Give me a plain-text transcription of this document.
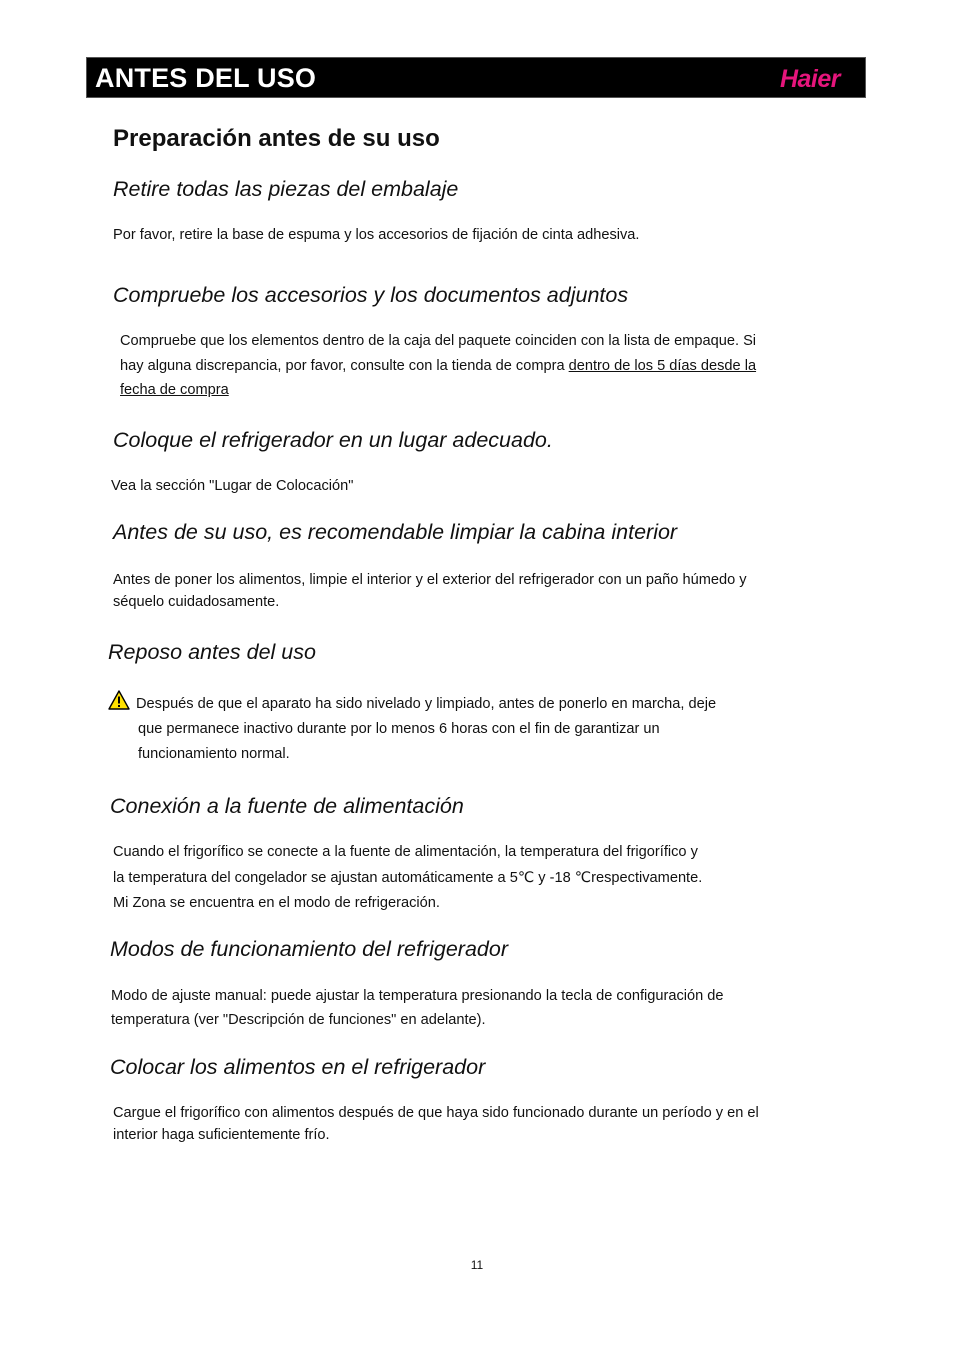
ANTES DEL USO	Haier
Preparación antes de su uso
Retire todas las piezas del embalaje
Por favor, retire la base de espuma y los accesorios de fijación de cinta adhesiva.
Compruebe los accesorios y los documentos adjuntos
Compruebe que los elementos dentro de la caja del paquete coinciden con la lista de empaque. Si
hay alguna discrepancia, por favor, consulte con la tienda de compra dentro de los 5 días desde la
fecha de compra
Coloque el refrigerador en un lugar adecuado.
Vea la sección "Lugar de Colocación"
Antes de su uso, es recomendable limpiar la cabina interior
Antes de poner los alimentos, limpie el interior y el exterior del refrigerador con un paño húmedo y
séquelo cuidadosamente.
Reposo antes del uso
Después de que el aparato ha sido nivelado y limpiado, antes de ponerlo en marcha, deje
que permanece inactivo durante por lo menos 6 horas con el fin de garantizar un
funcionamiento normal.
Conexión a la fuente de alimentación
Cuando el frigorífico se conecte a la fuente de alimentación, la temperatura del frigorífico y
la temperatura del congelador se ajustan automáticamente a 5℃ y -18 ℃respectivamente.
Mi Zona se encuentra en el modo de refrigeración.
Modos de funcionamiento del refrigerador
Modo de ajuste manual: puede ajustar la temperatura presionando la tecla de configuración de
temperatura (ver "Descripción de funciones" en adelante).
Colocar los alimentos en el refrigerador
Cargue el frigorífico con alimentos después de que haya sido funcionado durante un período y en el
interior haga suficientemente frío.
11
